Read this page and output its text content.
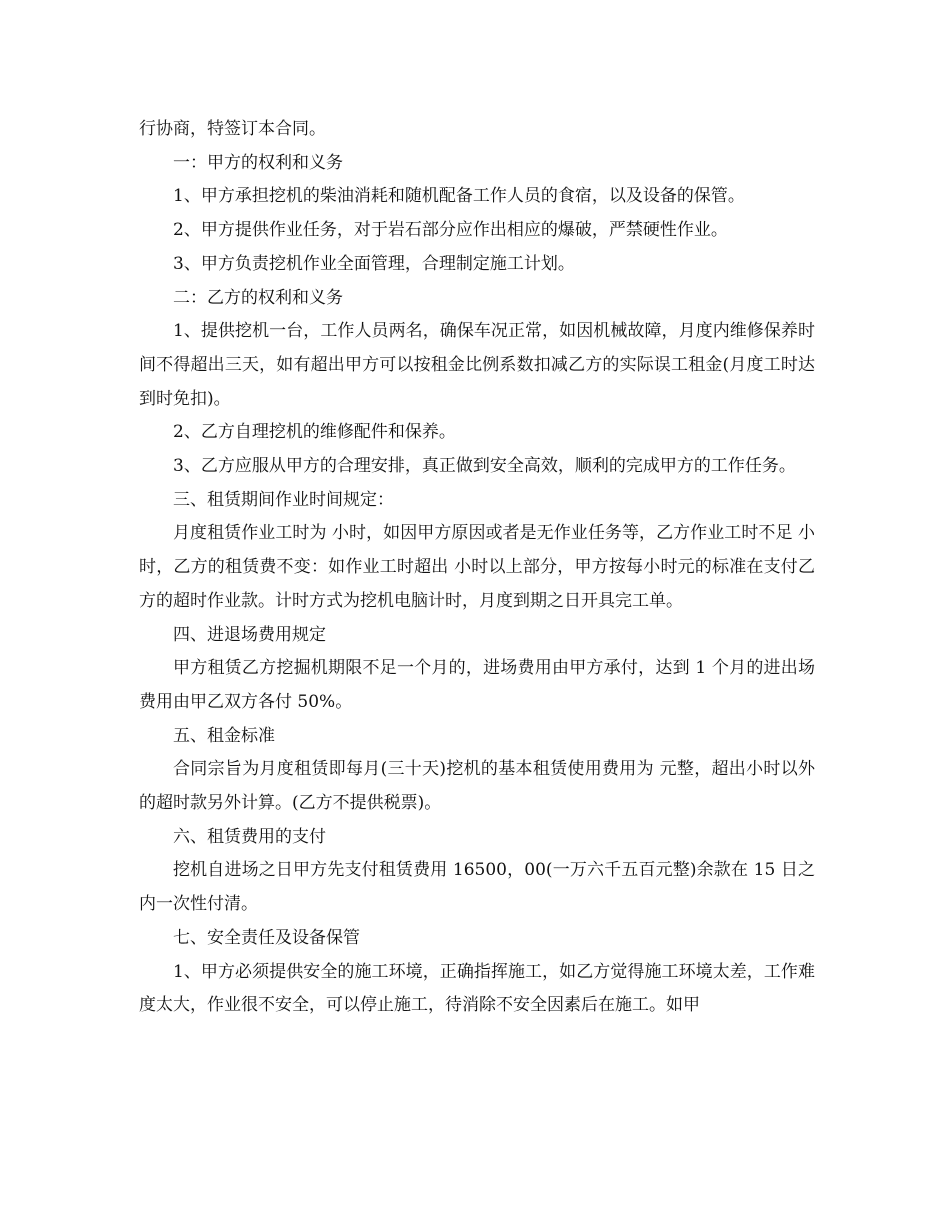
行协商，特签订本合同。

一：甲方的权利和义务

1、甲方承担挖机的柴油消耗和随机配备工作人员的食宿，以及设备的保管。

2、甲方提供作业任务，对于岩石部分应作出相应的爆破，严禁硬性作业。

3、甲方负责挖机作业全面管理，合理制定施工计划。

二：乙方的权利和义务

1、提供挖机一台，工作人员两名，确保车况正常，如因机械故障，月度内维修保养时间不得超出三天，如有超出甲方可以按租金比例系数扣减乙方的实际误工租金(月度工时达到时免扣)。

2、乙方自理挖机的维修配件和保养。

3、乙方应服从甲方的合理安排，真正做到安全高效，顺利的完成甲方的工作任务。

三、租赁期间作业时间规定：

月度租赁作业工时为 小时，如因甲方原因或者是无作业任务等，乙方作业工时不足 小时，乙方的租赁费不变：如作业工时超出 小时以上部分，甲方按每小时元的标准在支付乙方的超时作业款。计时方式为挖机电脑计时，月度到期之日开具完工单。

四、进退场费用规定

甲方租赁乙方挖掘机期限不足一个月的，进场费用由甲方承付，达到 1 个月的进出场费用由甲乙双方各付 50%。

五、租金标准

合同宗旨为月度租赁即每月(三十天)挖机的基本租赁使用费用为 元整，超出小时以外的超时款另外计算。(乙方不提供税票)。

六、租赁费用的支付

挖机自进场之日甲方先支付租赁费用 16500，00(一万六千五百元整)余款在 15 日之内一次性付清。

七、安全责任及设备保管

1、甲方必须提供安全的施工环境，正确指挥施工，如乙方觉得施工环境太差，工作难度太大，作业很不安全，可以停止施工，待消除不安全因素后在施工。如甲
